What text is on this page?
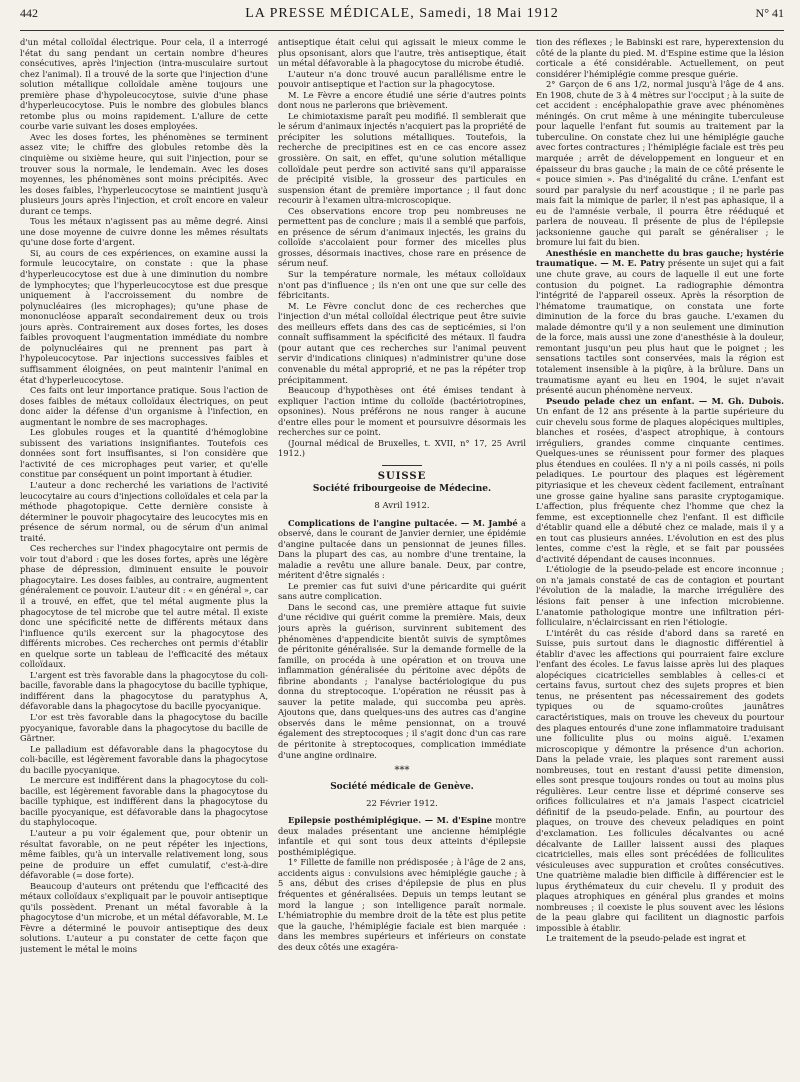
442	LA PRESSE MÉDICALE, Samedi, 18 Mai 1912	N° 41

d'un métal colloïdal électrique. Pour cela, il a interrogé l'état du sang pendant un certain nombre d'heures consécutives, après l'injection (intra-musculaire surtout chez l'animal). Il a trouvé de la sorte que l'injection d'une solution métallique colloïdale amène toujours une première phase d'hypoleucocytose, suivie d'une phase d'hyperleucocytose. Puis le nombre des globules blancs retombe plus ou moins rapidement. L'allure de cette courbe varie suivant les doses employées.

Avec les doses fortes, les phénomènes se terminent assez vite; le chiffre des globules retombe dès la cinquième ou sixième heure, qui suit l'injection, pour se trouver sous la normale, le lendemain. Avec les doses moyennes, les phénomènes sont moins précipités. Avec les doses faibles, l'hyperleucocytose se maintient jusqu'à plusieurs jours après l'injection, et croît encore en valeur durant ce temps.

Tous les métaux n'agissent pas au même degré. Ainsi une dose moyenne de cuivre donne les mêmes résultats qu'une dose forte d'argent.

Si, au cours de ces expériences, on examine aussi la formule leucocytaire, on constate : que la phase d'hyperleucocytose est due à une diminution du nombre de lymphocytes; que l'hyperleucocytose est due presque uniquement à l'accroissement du nombre de polynucléaires (les microphages); qu'une phase de mononucléose apparaît secondairement deux ou trois jours après. Contrairement aux doses fortes, les doses faibles provoquent l'augmentation immédiate du nombre de polynucléaires qui ne prennent pas part à l'hypoleucocytose. Par injections successives faibles et suffisamment éloignées, on peut maintenir l'animal en état d'hyperleucocytose.

Ces faits ont leur importance pratique. Sous l'action de doses faibles de métaux colloïdaux électriques, on peut donc aider la défense d'un organisme à l'infection, en augmentant le nombre de ses macrophages.

Les globules rouges et la quantité d'hémoglobine subissent des variations insignifiantes. Toutefois ces données sont fort insuffisantes, si l'on considère que l'activité de ces microphages peut varier, et qu'elle constitue par conséquent un point important à étudier.

L'auteur a donc recherché les variations de l'activité leucocytaire au cours d'injections colloïdales et cela par la méthode phagotopique. Cette dernière consiste à déterminer le pouvoir phagocytaire des leucocytes mis en présence de sérum normal, ou de sérum d'un animal traité.

Ces recherches sur l'index phagocytaire ont permis de voir tout d'abord : que les doses fortes, après une légère phase de dépression, diminuent ensuite le pouvoir phagocytaire. Les doses faibles, au contraire, augmentent généralement ce pouvoir. L'auteur dit : « en général », car il a trouvé, en effet, que tel métal augmente plus la phagocytose de tel microbe que tel autre métal. Il existe donc une spécificité nette de différents métaux dans l'influence qu'ils exercent sur la phagocytose des différents microbes. Ces recherches ont permis d'établir en quelque sorte un tableau de l'efficacité des métaux colloïdaux.

L'argent est très favorable dans la phagocytose du coli-bacille, favorable dans la phagocytose du bacille typhique, indifférent dans la phagocytose du paratyphus A, défavorable dans la phagocytose du bacille pyocyanique.

L'or est très favorable dans la phagocytose du bacille pyocyanique, favorable dans la phagocytose du bacille de Gärtner.

Le palladium est défavorable dans la phagocytose du coli-bacille, est légèrement favorable dans la phagocytose du bacille pyocyanique.

Le mercure est indifférent dans la phagocytose du coli-bacille, est légèrement favorable dans la phagocytose du bacille typhique, est indifférent dans la phagocytose du bacille pyocyanique, est défavorable dans la phagocytose du staphylocoque.

L'auteur a pu voir également que, pour obtenir un résultat favorable, on ne peut répéter les injections, même faibles, qu'à un intervalle relativement long, sous peine de produire un effet cumulatif, c'est-à-dire défavorable (= dose forte).

Beaucoup d'auteurs ont prétendu que l'efficacité des métaux colloïdaux s'expliquait par le pouvoir antiseptique qu'ils possèdent. Prenant un métal favorable à la phagocytose d'un microbe, et un métal défavorable, M. Le Fèvre a déterminé le pouvoir antiseptique des deux solutions. L'auteur a pu constater de cette façon que justement le métal le moins

antiseptique était celui qui agissait le mieux comme le plus opsonisant, alors que l'autre, très antiseptique, était un métal défavorable à la phagocytose du microbe étudié.

L'auteur n'a donc trouvé aucun parallélisme entre le pouvoir antiseptique et l'action sur la phagocytose.

M. Le Fèvre a encore étudié une série d'autres points dont nous ne parlerons que brièvement.

Le chimiotaxisme paraît peu modifié. Il semblerait que le sérum d'animaux injectés n'acquiert pas la propriété de précipiter les solutions métalliques. Toutefois, la recherche de precipitines est en ce cas encore assez grossière. On sait, en effet, qu'une solution métallique colloïdale peut perdre son activité sans qu'il apparaisse de précipité visible, la grosseur des particules en suspension étant de première importance ; il faut donc recourir à l'examen ultra-microscopique.

Ces observations encore trop peu nombreuses ne permettent pas de conclure ; mais il a semblé que parfois, en présence de sérum d'animaux injectés, les grains du colloïde s'accolaient pour former des micelles plus grosses, désormais inactives, chose rare en présence de sérum neuf.

Sur la température normale, les métaux colloïdaux n'ont pas d'influence ; ils n'en ont une que sur celle des fébricitants.

M. Le Fèvre conclut donc de ces recherches que l'injection d'un métal colloïdal électrique peut être suivie des meilleurs effets dans des cas de septicémies, si l'on connaît suffisamment la spécificité des métaux. Il faudra (pour autant que ces recherches sur l'animal peuvent servir d'indications cliniques) n'administrer qu'une dose convenable du métal approprié, et ne pas la répéter trop précipitamment.

Beaucoup d'hypothèses ont été émises tendant à expliquer l'action intime du colloïde (bactériotropines, opsonines). Nous préférons ne nous ranger à aucune d'entre elles pour le moment et poursuivre désormais les recherches sur ce point.

(Journal médical de Bruxelles, t. XVII, n° 17, 25 Avril 1912.)

SUISSE
Société fribourgeoise de Médecine.
8 Avril 1912.

Complications de l'angine pultacée. — M. Jambé a observé, dans le courant de Janvier dernier, une épidémie d'angine pultacée dans un pensionnat de jeunes filles. Dans la plupart des cas, au nombre d'une trentaine, la maladie a revêtu une allure banale. Deux, par contre, méritent d'être signalés :

Le premier cas fut suivi d'une péricardite qui guérit sans autre complication.

Dans le second cas, une première attaque fut suivie d'une récidive qui guérit comme la première. Mais, deux jours après la guérison, survinrent subitement des phénomènes d'appendicite bientôt suivis de symptômes de péritonite généralisée. Sur la demande formelle de la famille, on procéda à une opération et on trouva une inflammation généralisée du péritoine avec dépôts de fibrine abondants ; l'analyse bactériologique du pus donna du streptocoque. L'opération ne réussit pas à sauver la petite malade, qui succomba peu après. Ajoutons que, dans quelques-uns des autres cas d'angine observés dans le même pensionnat, on a trouvé également des streptocoques ; il s'agit donc d'un cas rare de péritonite à streptocoques, complication immédiate d'une angine ordinaire.

***
Société médicale de Genève.
22 Février 1912.

Epilepsie posthémiplégique. — M. d'Espine montre deux malades présentant une ancienne hémiplégie infantile et qui sont tous deux atteints d'épilepsie posthémiplégique.

1° Fillette de famille non prédisposée ; à l'âge de 2 ans, accidents aigus : convulsions avec hémiplégie gauche ; à 5 ans, début des crises d'épilepsie de plus en plus fréquentes et généralisées. Depuis un temps leutant se mord la langue ; son intelligence paraît normale. L'hémiatrophie du membre droit de la tête est plus petite que la gauche, l'hémiplégie faciale est bien marquée : dans les membres supérieurs et inférieurs on constate des deux côtés une exagéra-

tion des réflexes ; le Babinski est rare, hyperextension du côté de la plante du pied. M. d'Espine estime que la lésion corticale a été considérable. Actuellement, on peut considérer l'hémiplégie comme presque guérie.

2° Garçon de 6 ans 1/2, normal jusqu'à l'âge de 4 ans. En 1908, chute de 3 à 4 mètres sur l'occiput ; à la suite de cet accident : encéphalopathie grave avec phénomènes méningés. On crut même à une méningite tuberculeuse pour laquelle l'enfant fut soumis au traitement par la tuberculine. On constate chez lui une hémiplégie gauche avec fortes contractures ; l'hémiplégie faciale est très peu marquée ; arrêt de développement en longueur et en épaisseur du bras gauche ; la main de ce côté présente le « pouce simien ». Pas d'inégalité du crâne. L'enfant est sourd par paralysie du nerf acoustique ; il ne parle pas mais fait la mimique de parler, il n'est pas aphasique, il a eu de l'amnésie verbale, il pourra être rééduqué et parlera de nouveau. Il présente de plus de l'épilepsie jacksonienne gauche qui paraît se généraliser ; le bromure lui fait du bien.

Anesthésie en manchette du bras gauche; hystérie traumatique. — M. E. Patry présente un sujet qui a fait une chute grave, au cours de laquelle il eut une forte contusion du poignet. La radiographie démontra l'intégrité de l'appareil osseux. Après la résorption de l'hématome traumatique, on constata une forte diminution de la force du bras gauche. L'examen du malade démontre qu'il y a non seulement une diminution de la force, mais aussi une zone d'anesthésie à la douleur, remontant jusqu'un peu plus haut que le poignet ; les sensations tactiles sont conservées, mais la région est totalement insensible à la piqûre, à la brûlure. Dans un traumatisme ayant eu lieu en 1904, le sujet n'avait présenté aucun phénomène nerveux.

Pseudo pelade chez un enfant. — M. Gh. Dubois. Un enfant de 12 ans présente à la partie supérieure du cuir chevelu sous forme de plaques alopéciques multiples, blanches et rosées, d'aspect atrophique, à contours irréguliers, grandes comme cinquante centimes. Quelques-unes se réunissent pour former des plaques plus étendues en coulées. Il n'y a ni poils cassés, ni poils peladiques. Le pourtour des plaques est légèrement pityriasique et les cheveux cèdent facilement, entraînant une grosse gaine hyaline sans parasite cryptogamique. L'affection, plus fréquente chez l'homme que chez la femme, est exceptionnelle chez l'enfant. Il est difficile d'établir quand elle a débuté chez ce malade, mais il y a en tout cas plusieurs années. L'évolution en est des plus lentes, comme c'est la règle, et se fait par poussées d'activité dépendant de causes inconnues.

L'étiologie de la pseudo-pelade est encore inconnue ; on n'a jamais constaté de cas de contagion et pourtant l'évolution de la maladie, la marche irrégulière des lésions fait penser à une infection microbienne. L'anatomie pathologique montre une infiltration péri-folliculaire, n'éclaircissant en rien l'étiologie.

L'intérêt du cas réside d'abord dans sa rareté en Suisse, puis surtout dans le diagnostic différentiel à établir d'avec les affections qui pourraient faire exclure l'enfant des écoles. Le favus laisse après lui des plaques alopéciques cicatricielles semblables à celles-ci et certains favus, surtout chez des sujets propres et bien tenus, ne présentent pas nécessairement des godets typiques ou de squamo-croûtes jaunâtres caractéristiques, mais on trouve les cheveux du pourtour des plaques entourés d'une zone inflammatoire traduisant une folliculite plus ou moins aiguë. L'examen microscopique y démontre la présence d'un achorion. Dans la pelade vraie, les plaques sont rarement aussi nombreuses, tout en restant d'aussi petite dimension, elles sont presque toujours rondes ou tout au moins plus régulières. Leur centre lisse et déprimé conserve ses orifices folliculaires et n'a jamais l'aspect cicatriciel définitif de la pseudo-pelade. Enfin, au pourtour des plaques, on trouve des cheveux peladiques en point d'exclamation. Les follicules décalvantes ou acné décalvante de Lailler laissent aussi des plaques cicatricielles, mais elles sont précédées de folliculites vésiculeuses avec suppuration et croûtes consécutives. Une quatrième maladie bien difficile à différencier est le lupus érythémateux du cuir chevelu. Il y produit des plaques atrophiques en général plus grandes et moins nombreuses ; il coexiste le plus souvent avec les lésions de la peau glabre qui facilitent un diagnostic parfois impossible à établir.

Le traitement de la pseudo-pelade est ingrat et
